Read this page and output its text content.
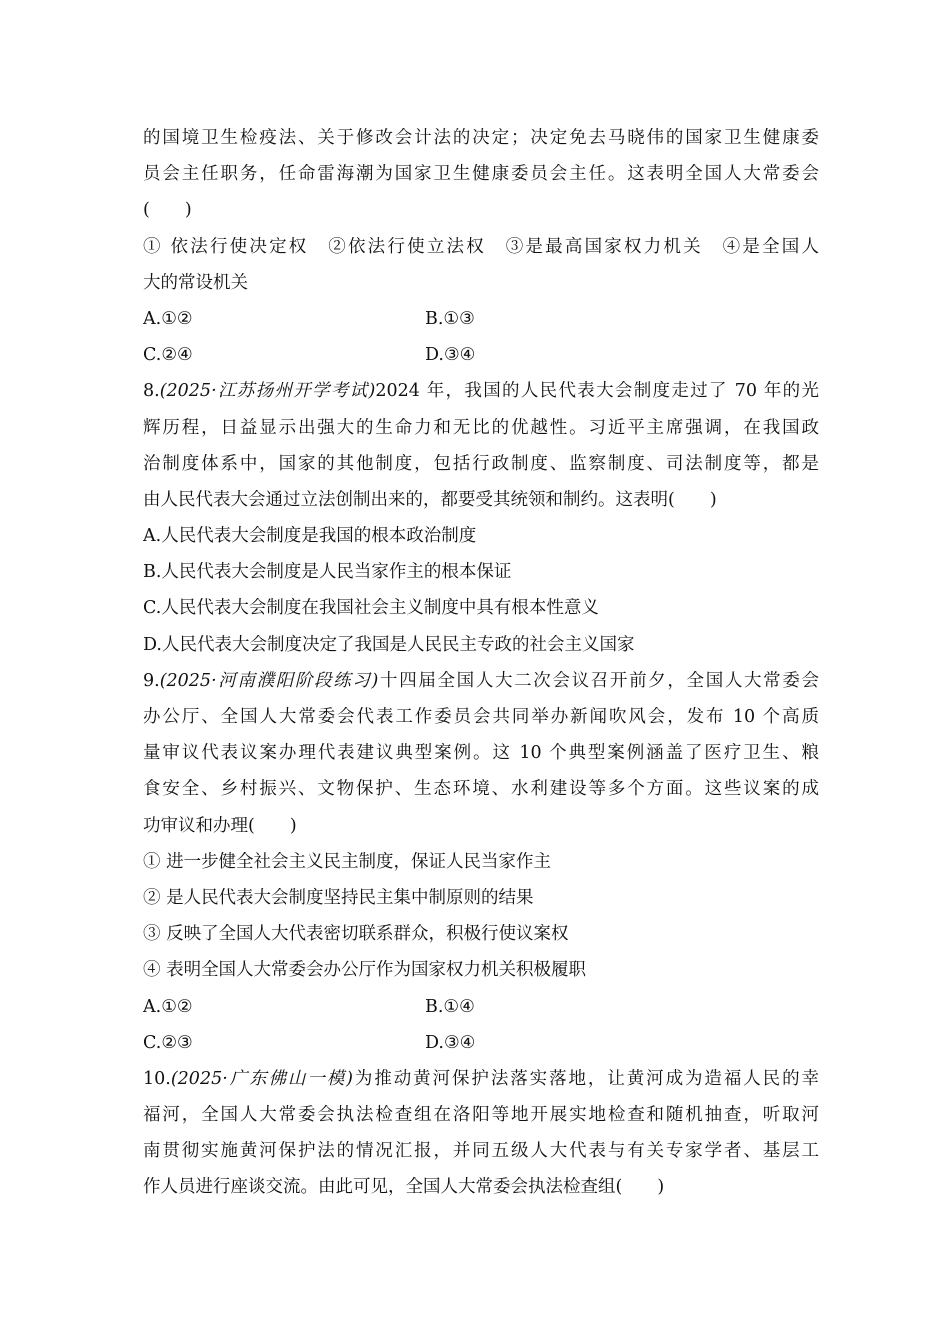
的国境卫生检疫法、关于修改会计法的决定；决定免去马晓伟的国家卫生健康委
员会主任职务，任命雷海潮为国家卫生健康委员会主任。这表明全国人大常委会
(　　)
① 依法行使决定权　②依法行使立法权　③是最高国家权力机关　④是全国人
大的常设机关
A.①②	B.①③
C.②④	D.③④
8.(2025·江苏扬州开学考试)2024 年，我国的人民代表大会制度走过了 70 年的光
辉历程，日益显示出强大的生命力和无比的优越性。习近平主席强调，在我国政
治制度体系中，国家的其他制度，包括行政制度、监察制度、司法制度等，都是
由人民代表大会通过立法创制出来的，都要受其统领和制约。这表明(　　)
A.人民代表大会制度是我国的根本政治制度
B.人民代表大会制度是人民当家作主的根本保证
C.人民代表大会制度在我国社会主义制度中具有根本性意义
D.人民代表大会制度决定了我国是人民民主专政的社会主义国家
9.(2025·河南濮阳阶段练习)十四届全国人大二次会议召开前夕，全国人大常委会
办公厅、全国人大常委会代表工作委员会共同举办新闻吹风会，发布 10 个高质
量审议代表议案办理代表建议典型案例。这 10 个典型案例涵盖了医疗卫生、粮
食安全、乡村振兴、文物保护、生态环境、水利建设等多个方面。这些议案的成
功审议和办理(　　)
① 进一步健全社会主义民主制度，保证人民当家作主
② 是人民代表大会制度坚持民主集中制原则的结果
③ 反映了全国人大代表密切联系群众，积极行使议案权
④ 表明全国人大常委会办公厅作为国家权力机关积极履职
A.①②	B.①④
C.②③	D.③④
10.(2025·广东佛山一模)为推动黄河保护法落实落地，让黄河成为造福人民的幸
福河，全国人大常委会执法检查组在洛阳等地开展实地检查和随机抽查，听取河
南贯彻实施黄河保护法的情况汇报，并同五级人大代表与有关专家学者、基层工
作人员进行座谈交流。由此可见，全国人大常委会执法检查组(　　)
